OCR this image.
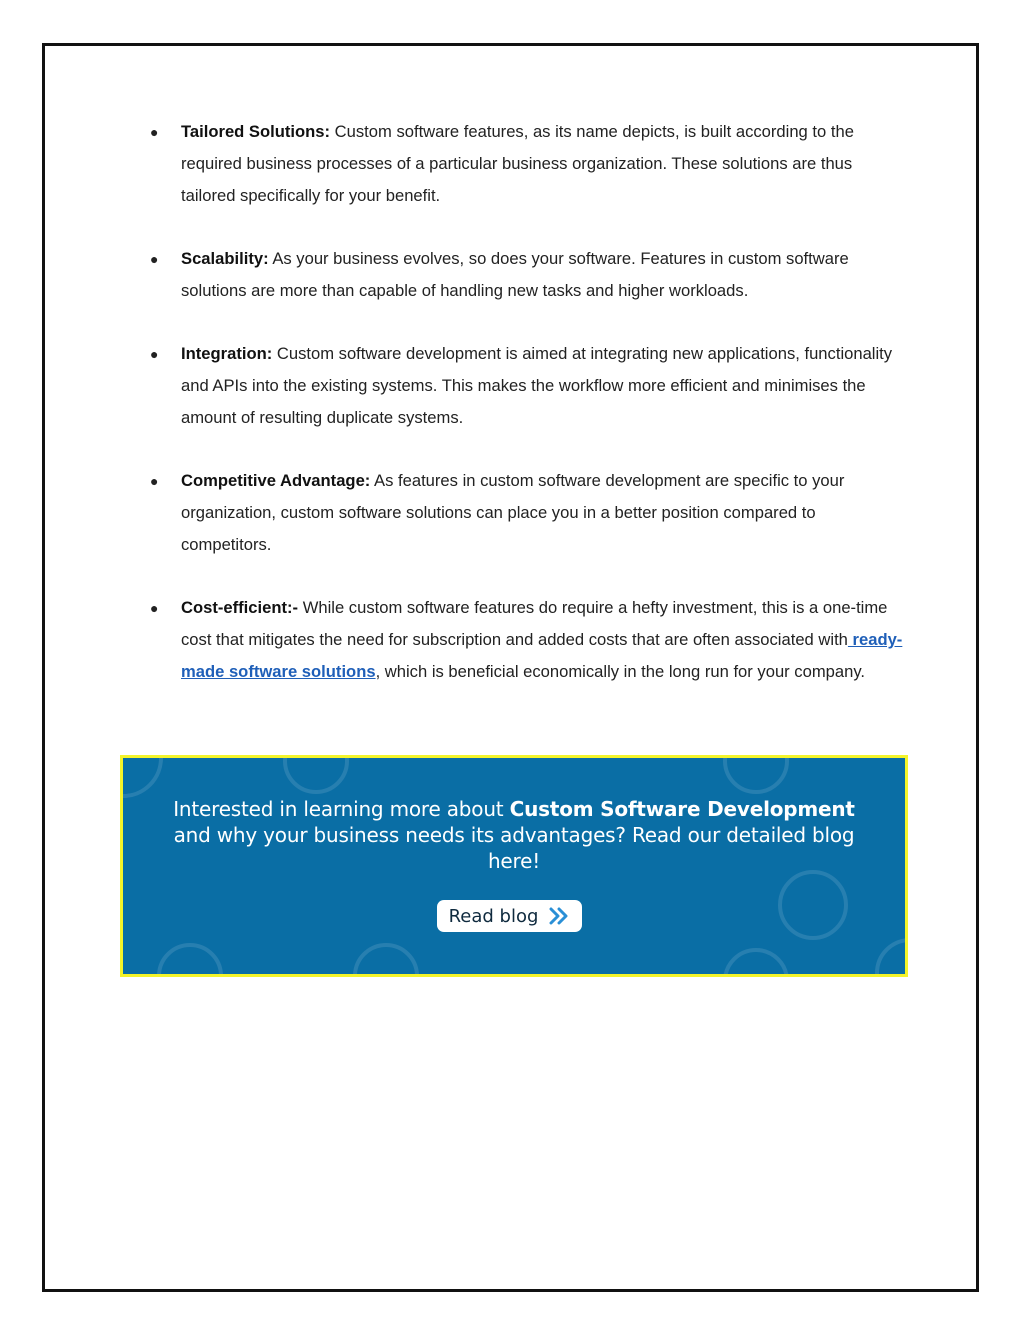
● Tailored Solutions: Custom software features, as its name depicts, is built according to the required business processes of a particular business organization. These solutions are thus tailored specifically for your benefit.
● Scalability: As your business evolves, so does your software. Features in custom software solutions are more than capable of handling new tasks and higher workloads.
● Integration: Custom software development is aimed at integrating new applications, functionality and APIs into the existing systems. This makes the workflow more efficient and minimises the amount of resulting duplicate systems.
● Competitive Advantage: As features in custom software development are specific to your organization, custom software solutions can place you in a better position compared to competitors.
● Cost-efficient:- While custom software features do require a hefty investment, this is a one-time cost that mitigates the need for subscription and added costs that are often associated with ready-made software solutions, which is beneficial economically in the long run for your company.
Interested in learning more about Custom Software Development and why your business needs its advantages? Read our detailed blog here!
Read blog
